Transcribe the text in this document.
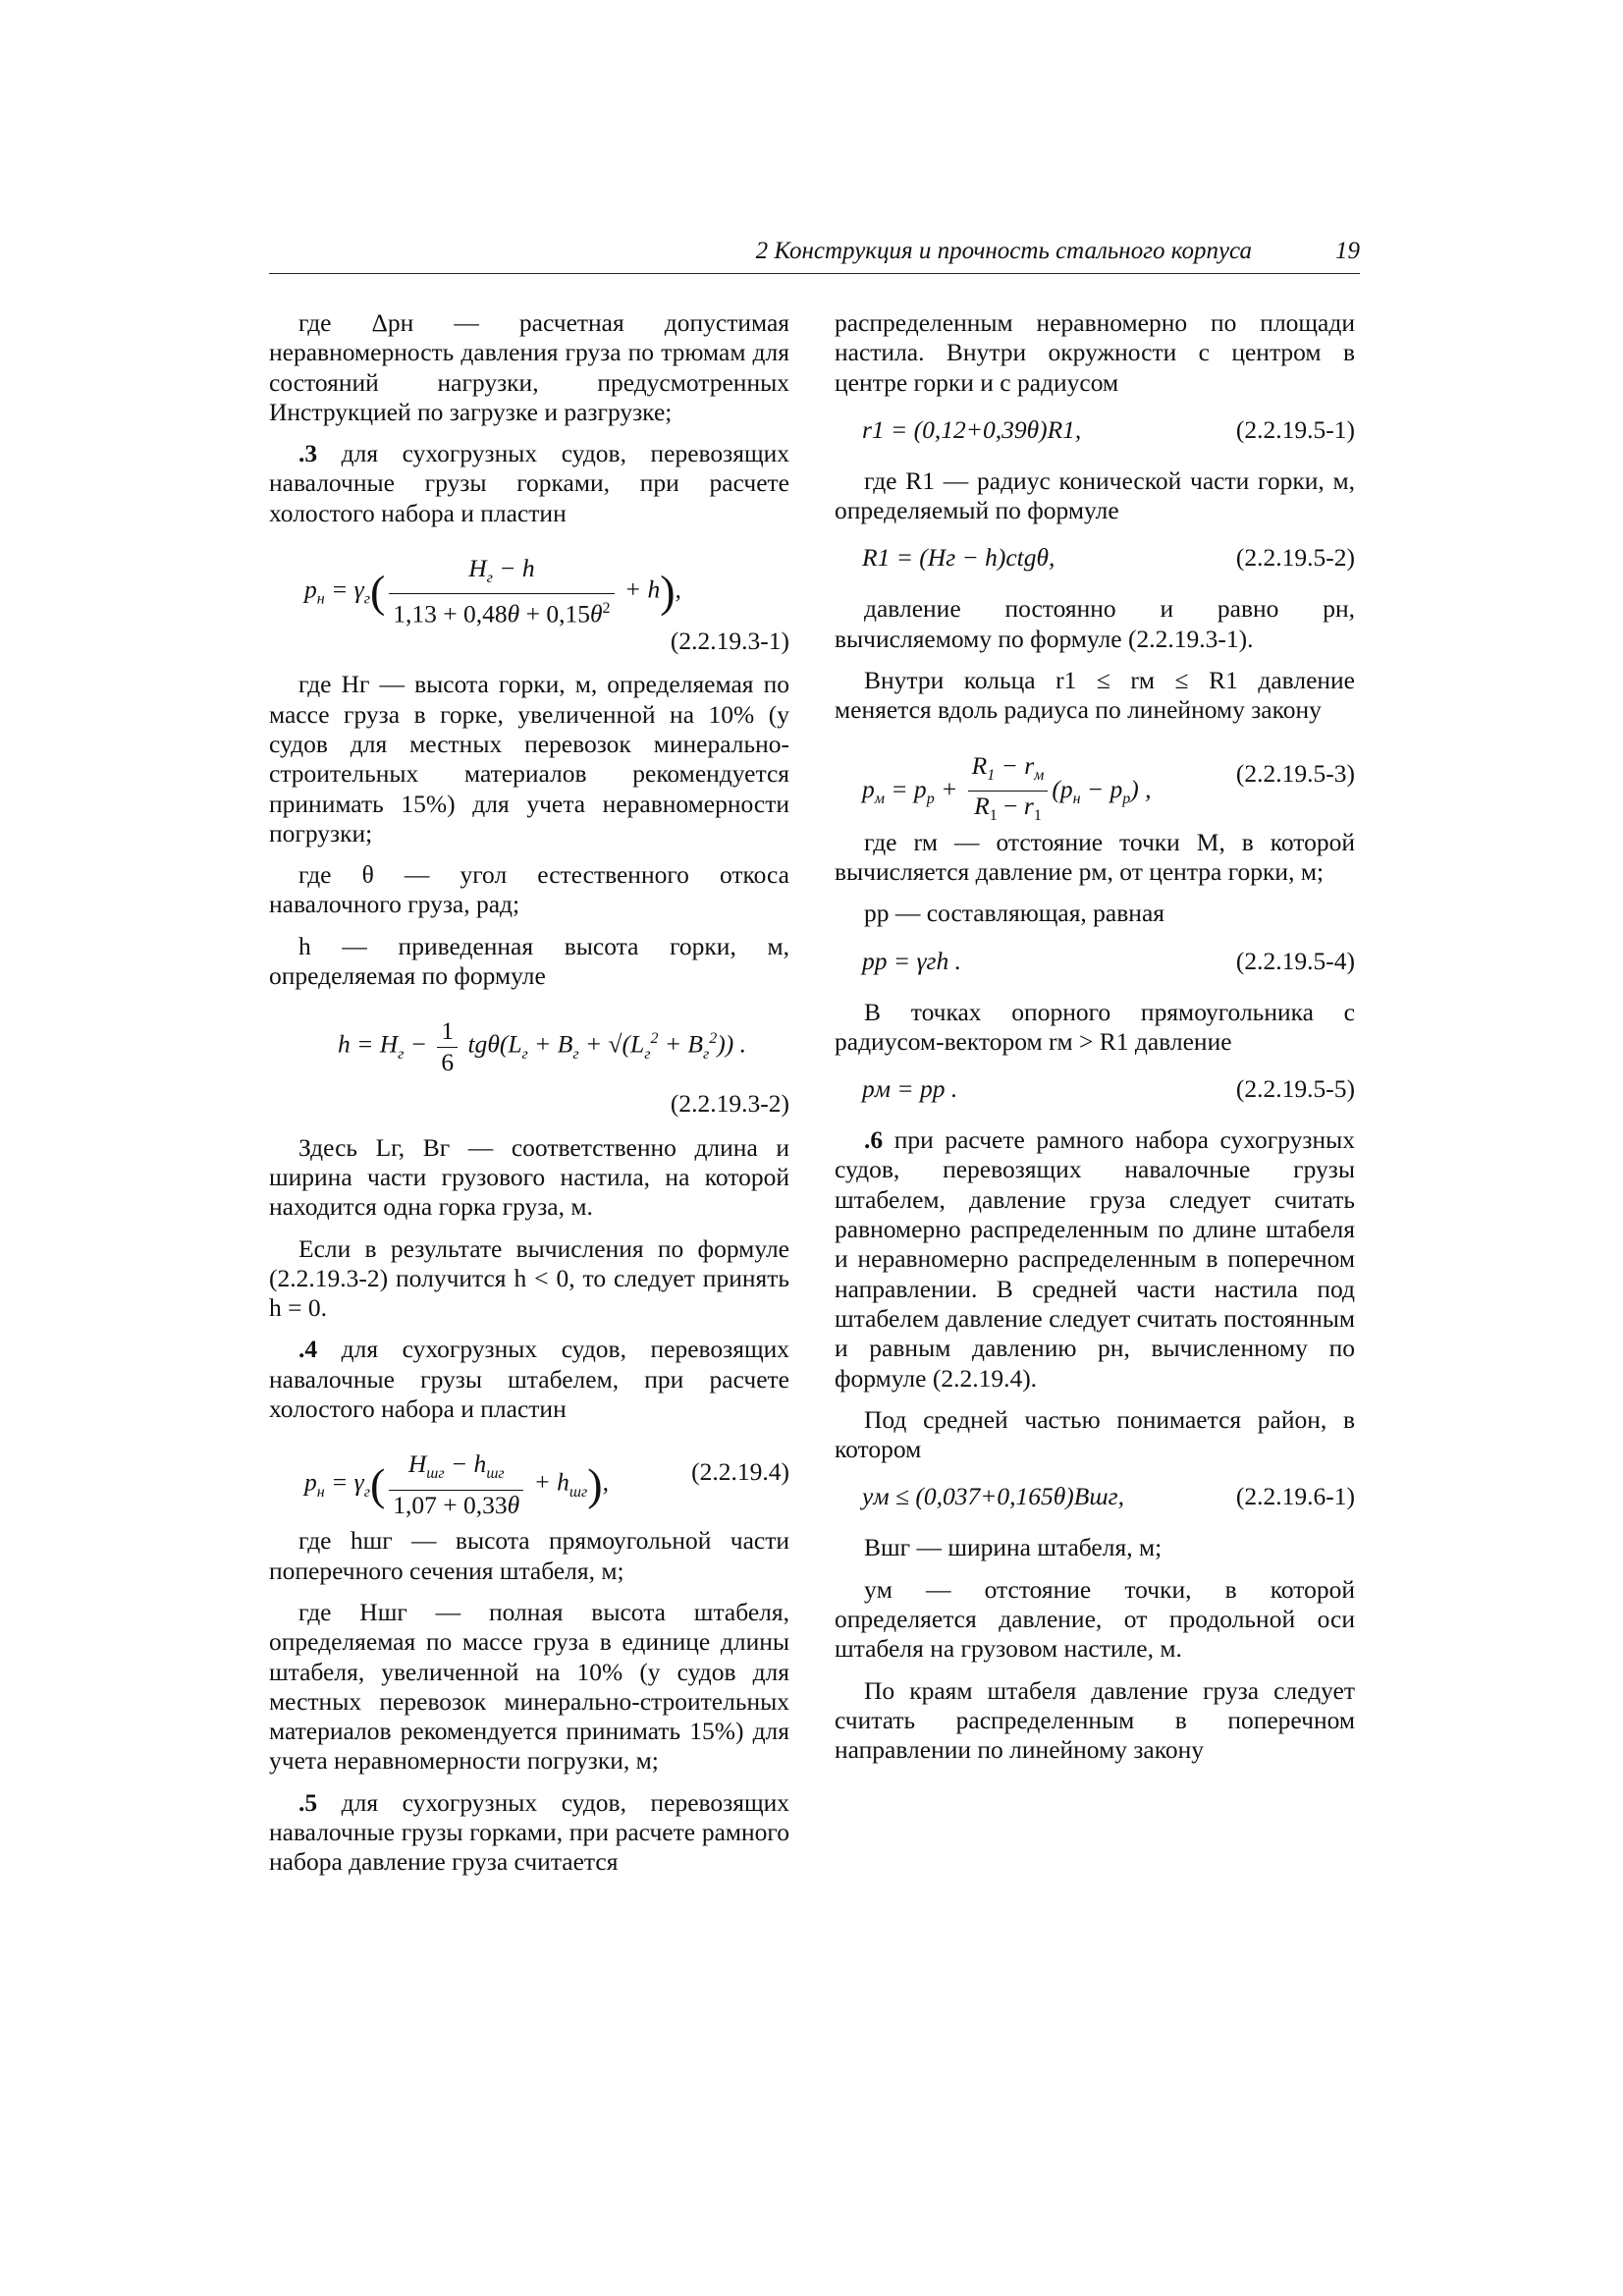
2 Конструкция и прочность стального корпуса	19

где Δpн — расчетная допустимая неравномерность давления груза по трюмам для состояний нагрузки, предусмотренных Инструкцией по загрузке и разгрузке;

.3 для сухогрузных судов, перевозящих навалочные грузы горками, при расчете холостого набора и пластин

$p_н = \gamma_г( \frac{H_г - h}{1,13 + 0,48\theta + 0,15\theta^2} + h)$,
(2.2.19.3-1)

где Hг — высота горки, м, определяемая по массе груза в горке, увеличенной на 10% (у судов для местных перевозок минерально-строительных материалов рекомендуется принимать 15%) для учета неравномерности погрузки;

где θ — угол естественного откоса навалочного груза, рад;

h — приведенная высота горки, м, определяемая по формуле

$h = H_г - \frac{1}{6} tg\theta(L_г + B_г + √(L_г^2 + B_г^2))$ .
(2.2.19.3-2)

Здесь Lг, Bг — соответственно длина и ширина части грузового настила, на которой находится одна горка груза, м.

Если в результате вычисления по формуле (2.2.19.3-2) получится h < 0, то следует принять h = 0.

.4 для сухогрузных судов, перевозящих навалочные грузы штабелем, при расчете холостого набора и пластин

$p_н = \gamma_г( \frac{H_{шг} - h_{шг}}{1,07 + 0,33\theta} + h_{шг})$,	(2.2.19.4)

где hшг — высота прямоугольной части поперечного сечения штабеля, м;

где Hшг — полная высота штабеля, определяемая по массе груза в единице длины штабеля, увеличенной на 10% (у судов для местных перевозок минерально-строительных материалов рекомендуется принимать 15%) для учета неравномерности погрузки, м;

.5 для сухогрузных судов, перевозящих навалочные грузы горками, при расчете рамного набора давление груза считается

распределенным неравномерно по площади настила. Внутри окружности с центром в центре горки и с радиусом

r1 = (0,12+0,39θ)R1,	(2.2.19.5-1)

где R1 — радиус конической части горки, м, определяемый по формуле

R1 = (Hг − h)ctgθ,	(2.2.19.5-2)

давление постоянно и равно pн, вычисляемому по формуле (2.2.19.3-1).

Внутри кольца r1 ≤ rм ≤ R1 давление меняется вдоль радиуса по линейному закону

$p_м = p_р + \frac{R_1 - r_м}{R_1 - r_1} (p_н - p_р)$ ,
(2.2.19.5-3)

где rм — отстояние точки M, в которой вычисляется давление pм, от центра горки, м;

pр — составляющая, равная

pр = γгh .	(2.2.19.5-4)

В точках опорного прямоугольника с радиусом-вектором rм > R1 давление

pм = pр .	(2.2.19.5-5)

.6 при расчете рамного набора сухогрузных судов, перевозящих навалочные грузы штабелем, давление груза следует считать равномерно распределенным по длине штабеля и неравномерно распределенным в поперечном направлении. В средней части настила под штабелем давление следует считать постоянным и равным давлению pн, вычисленному по формуле (2.2.19.4).

Под средней частью понимается район, в котором

yм ≤ (0,037+0,165θ)Bшг,	(2.2.19.6-1)

Bшг — ширина штабеля, м;

yм — отстояние точки, в которой определяется давление, от продольной оси штабеля на грузовом настиле, м.

По краям штабеля давление груза следует считать распределенным в поперечном направлении по линейному закону
